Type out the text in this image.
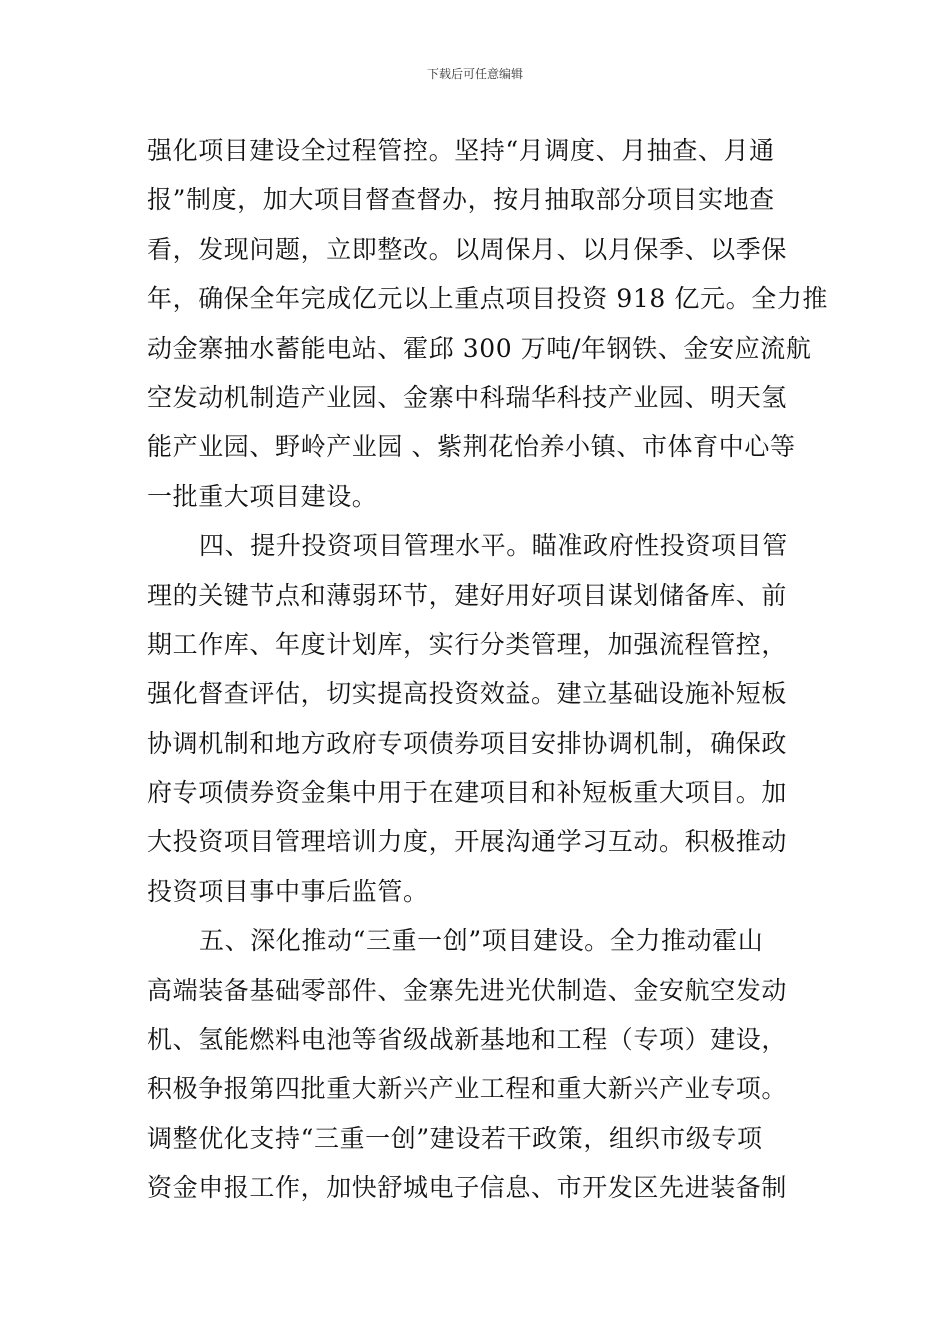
下载后可任意编辑
强化项目建设全过程管控。坚持“月调度、月抽查、月通
报”制度，加大项目督查督办，按月抽取部分项目实地查
看，发现问题，立即整改。以周保月、以月保季、以季保
年，确保全年完成亿元以上重点项目投资 918 亿元。全力推
动金寨抽水蓄能电站、霍邱 300 万吨/年钢铁、金安应流航
空发动机制造产业园、金寨中科瑞华科技产业园、明天氢
能产业园、野岭产业园 、紫荆花怡养小镇、市体育中心等
一批重大项目建设。
四、提升投资项目管理水平。瞄准政府性投资项目管
理的关键节点和薄弱环节，建好用好项目谋划储备库、前
期工作库、年度计划库，实行分类管理，加强流程管控，
强化督查评估，切实提高投资效益。建立基础设施补短板
协调机制和地方政府专项债券项目安排协调机制，确保政
府专项债券资金集中用于在建项目和补短板重大项目。加
大投资项目管理培训力度，开展沟通学习互动。积极推动
投资项目事中事后监管。
五、深化推动“三重一创”项目建设。全力推动霍山
高端装备基础零部件、金寨先进光伏制造、金安航空发动
机、氢能燃料电池等省级战新基地和工程（专项）建设，
积极争报第四批重大新兴产业工程和重大新兴产业专项。
调整优化支持“三重一创”建设若干政策，组织市级专项
资金申报工作，加快舒城电子信息、市开发区先进装备制
